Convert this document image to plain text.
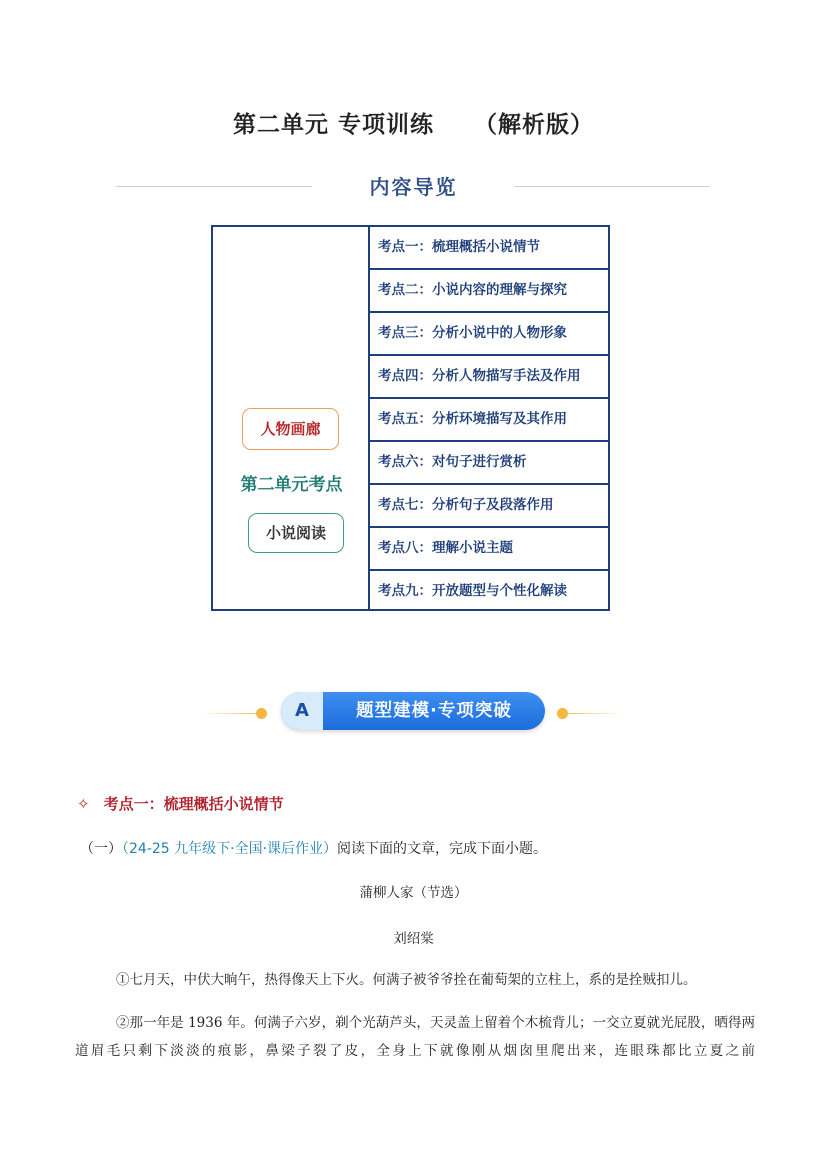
第二单元 专项训练 （解析版）
内容导览
人物画廊
第二单元考点
小说阅读
考点一：梳理概括小说情节
考点二：小说内容的理解与探究
考点三：分析小说中的人物形象
考点四：分析人物描写手法及作用
考点五：分析环境描写及其作用
考点六：对句子进行赏析
考点七：分析句子及段落作用
考点八：理解小说主题
考点九：开放题型与个性化解读
A	题型建模·专项突破
✧ 考点一：梳理概括小说情节
（一）（24-25 九年级下·全国·课后作业）阅读下面的文章，完成下面小题。
蒲柳人家（节选）
刘绍棠
①七月天，中伏大晌午，热得像天上下火。何满子被爷爷拴在葡萄架的立柱上，系的是拴贼扣儿。
②那一年是 1936 年。何满子六岁，剃个光葫芦头，天灵盖上留着个木梳背儿；一交立夏就光屁股，晒得两道眉毛只剩下淡淡的痕影，鼻梁子裂了皮，全身上下就像刚从烟囱里爬出来，连眼珠都比立夏之前
